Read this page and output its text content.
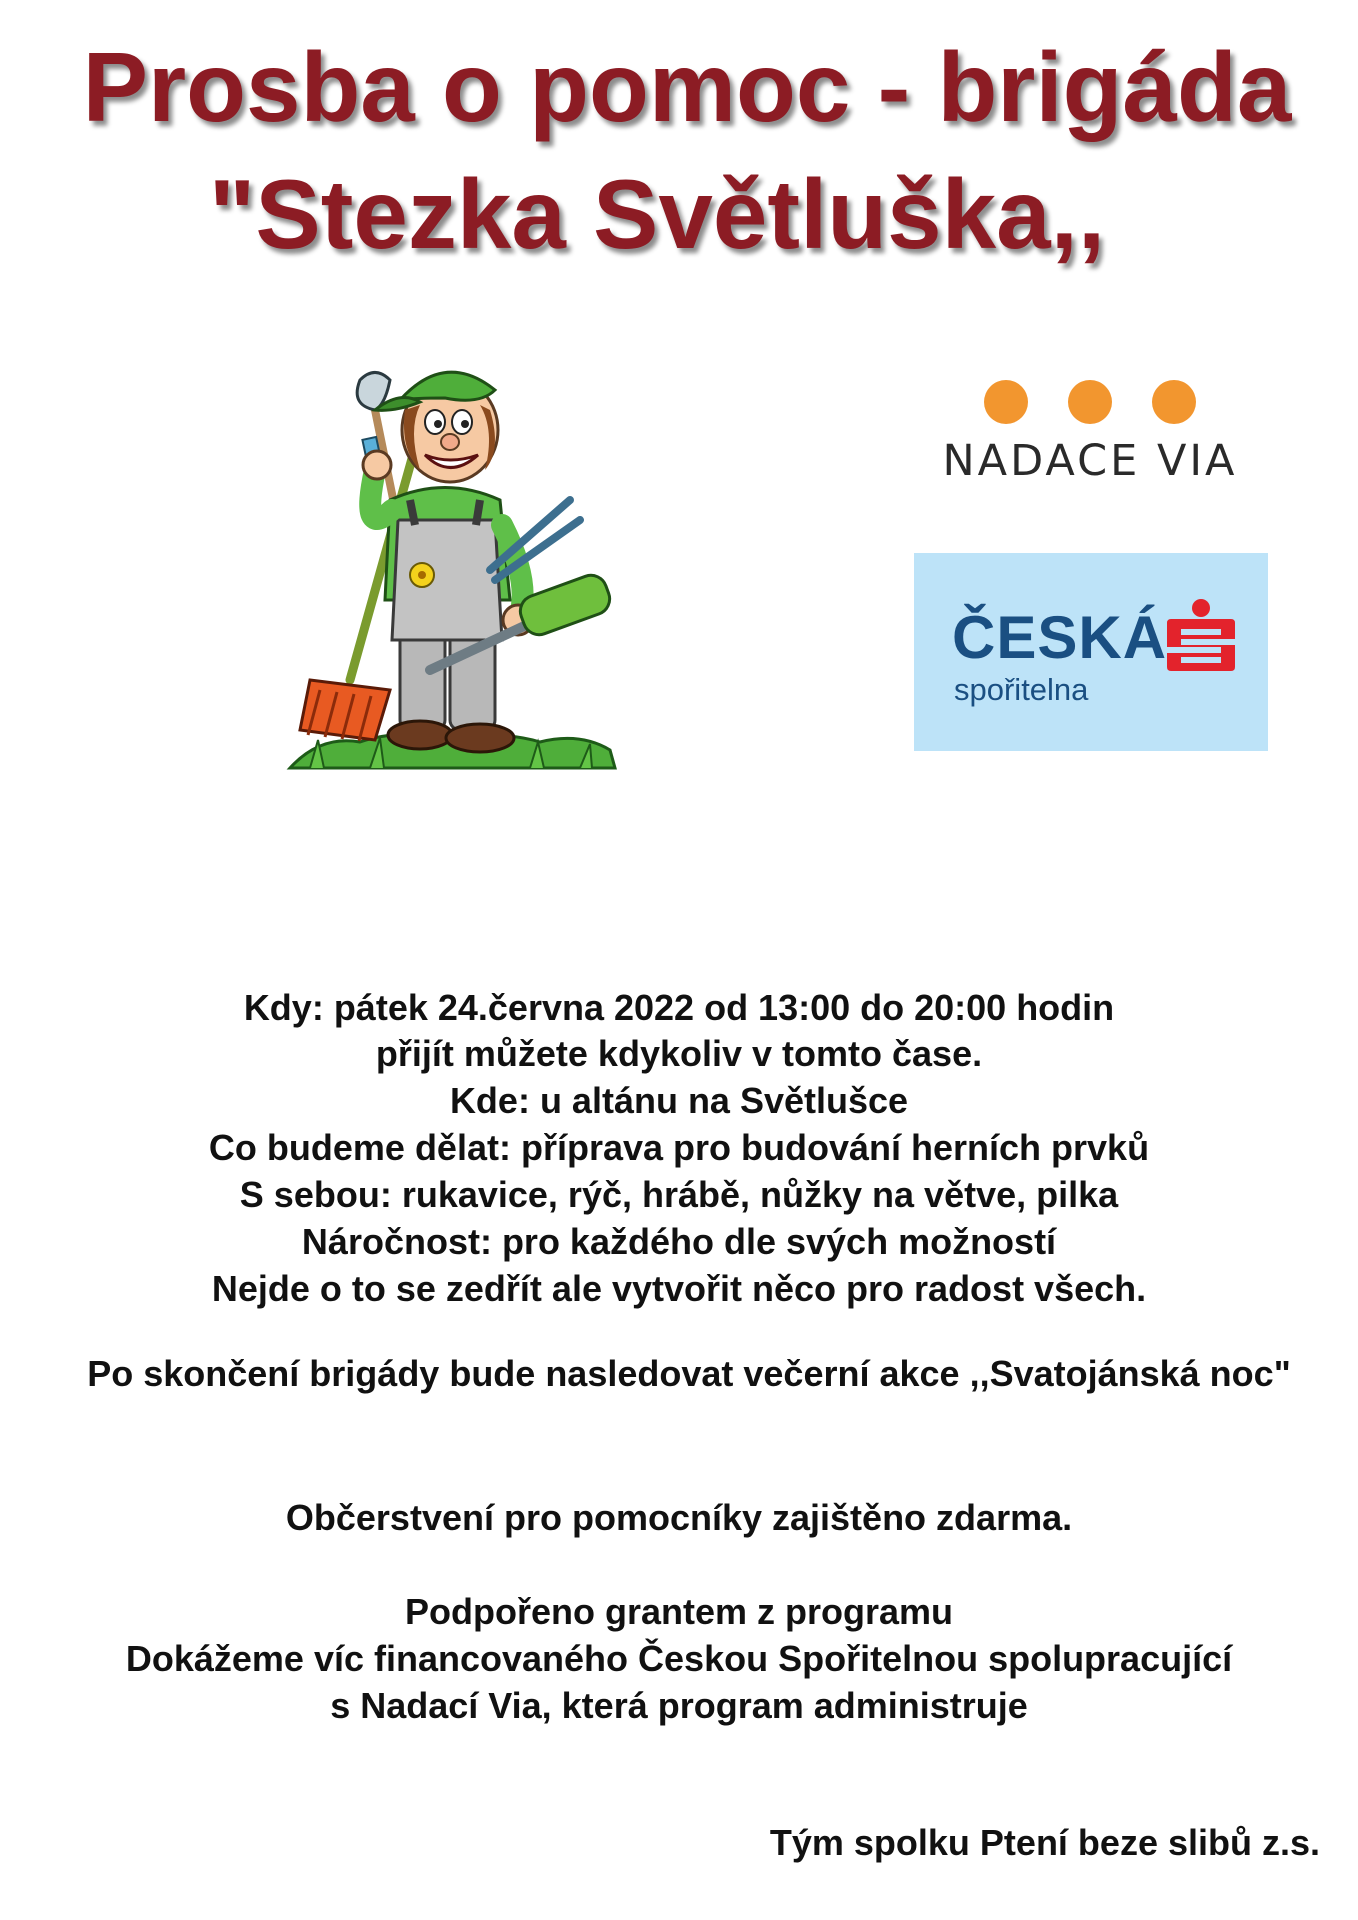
Prosba o pomoc - brigáda
"Stezka Světluška,,
NADACE VIA
ČESKÁ
spořitelna
Kdy: pátek 24.června 2022 od 13:00 do 20:00 hodin
přijít můžete kdykoliv v tomto čase.
Kde: u altánu na Světlušce
Co budeme dělat: příprava pro budování herních prvků
S sebou: rukavice, rýč, hrábě, nůžky na větve, pilka
Náročnost: pro každého dle svých možností
Nejde o to se zedřít ale vytvořit něco pro radost všech.
Po skončení brigády bude nasledovat večerní akce ,,Svatojánská noc"
Občerstvení pro pomocníky zajištěno zdarma.
Podpořeno grantem z programu
Dokážeme víc financovaného Českou Spořitelnou spolupracující
s Nadací Via, která program administruje
Tým spolku Ptení beze slibů z.s.
